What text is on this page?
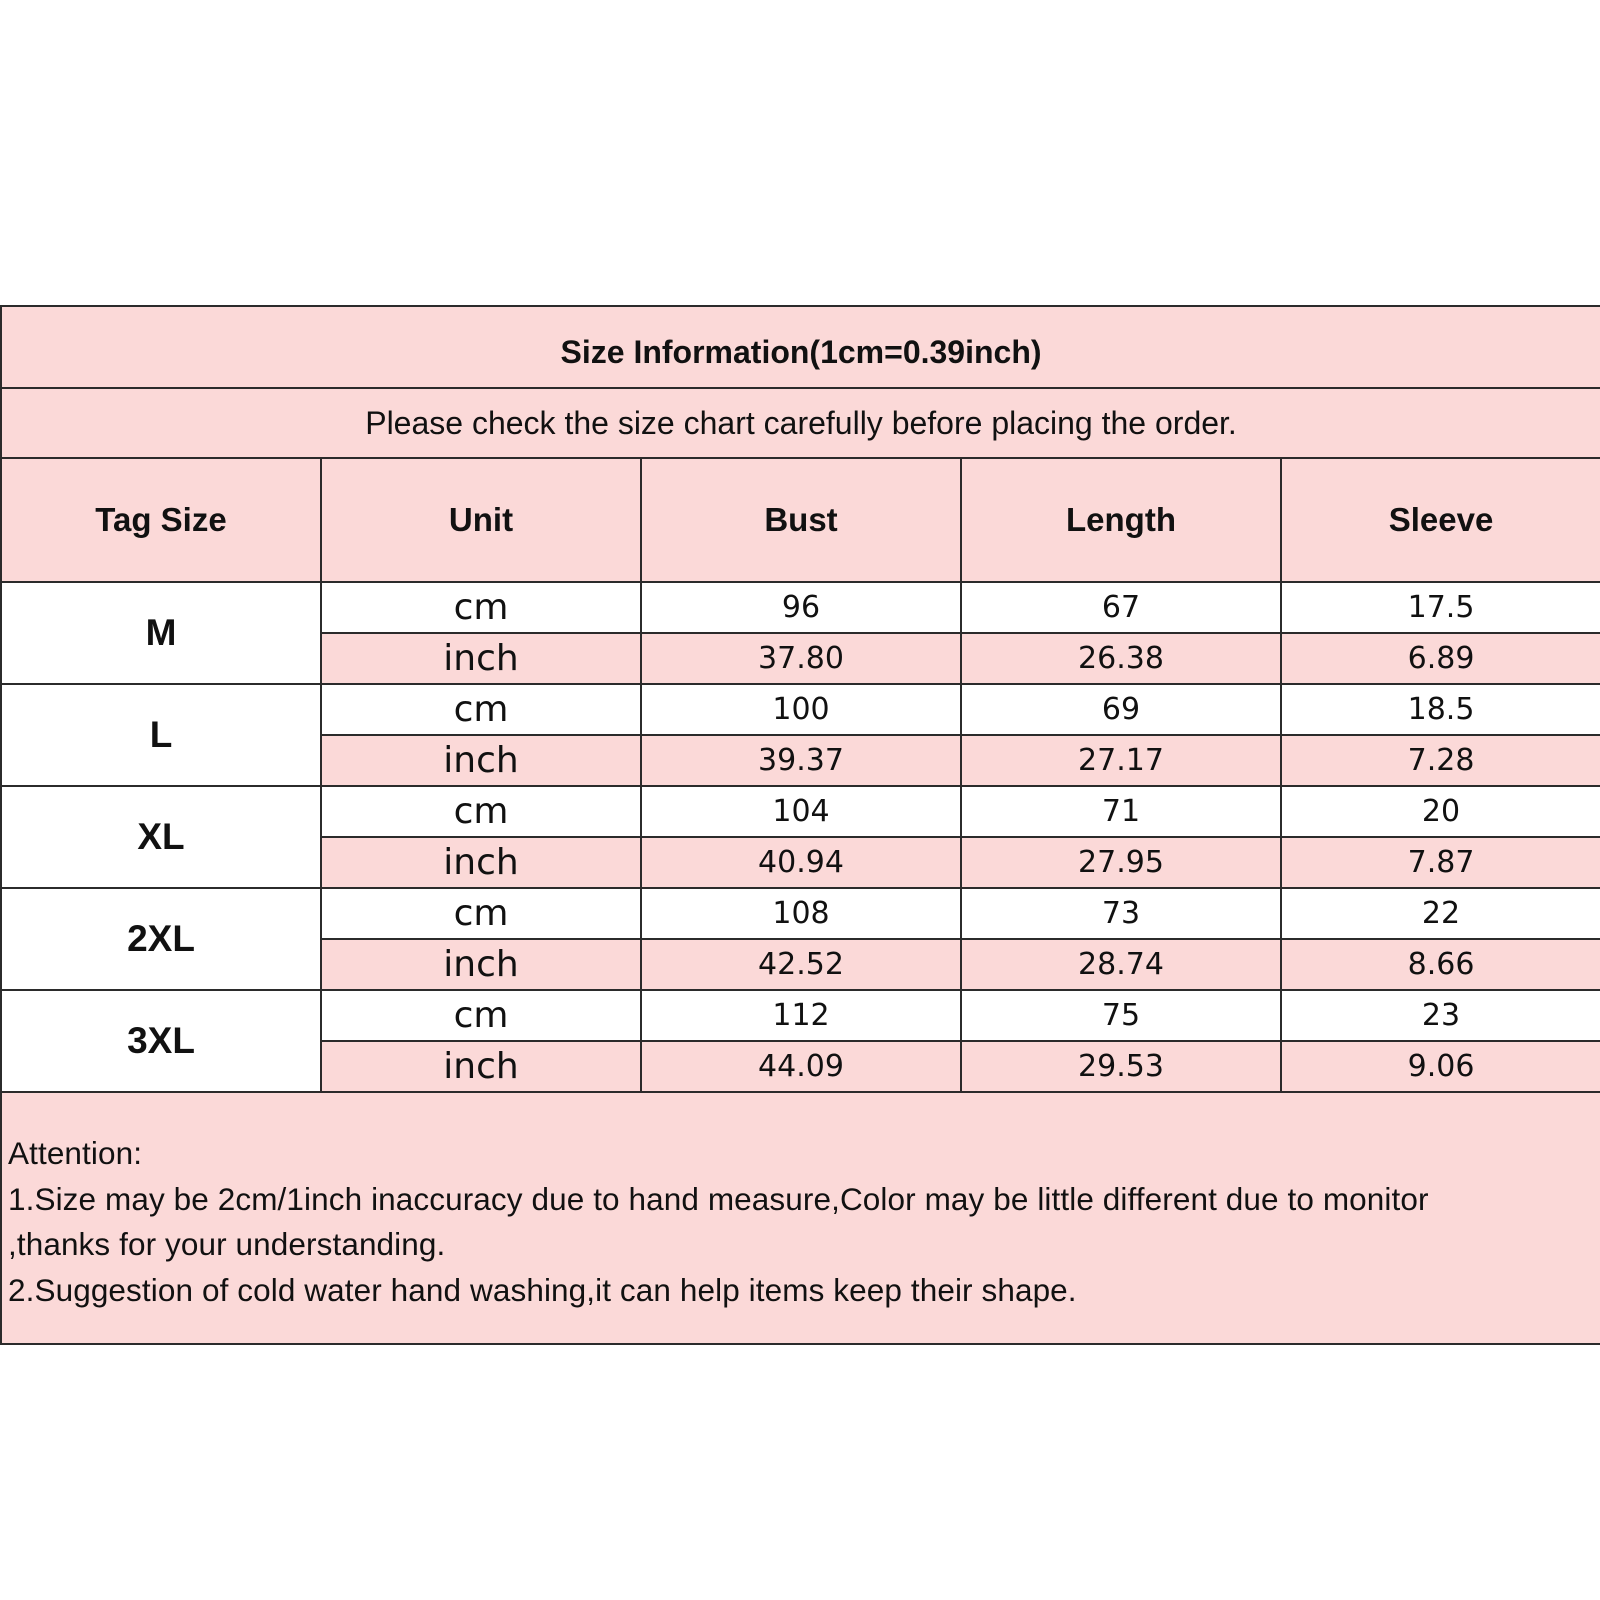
Size Information(1cm=0.39inch)				
Please check the size chart carefully before placing the order.				
Tag Size	Unit	Bust	Length	Sleeve
M	cm	96	67	17.5
	inch	37.80	26.38	6.89
L	cm	100	69	18.5
	inch	39.37	27.17	7.28
XL	cm	104	71	20
	inch	40.94	27.95	7.87
2XL	cm	108	73	22
	inch	42.52	28.74	8.66
3XL	cm	112	75	23
	inch	44.09	29.53	9.06

Attention:
1.Size may be 2cm/1inch inaccuracy due to hand measure,Color may be little different due to monitor
,thanks for your understanding.
2.Suggestion of cold water hand washing,it can help items keep their shape.				
